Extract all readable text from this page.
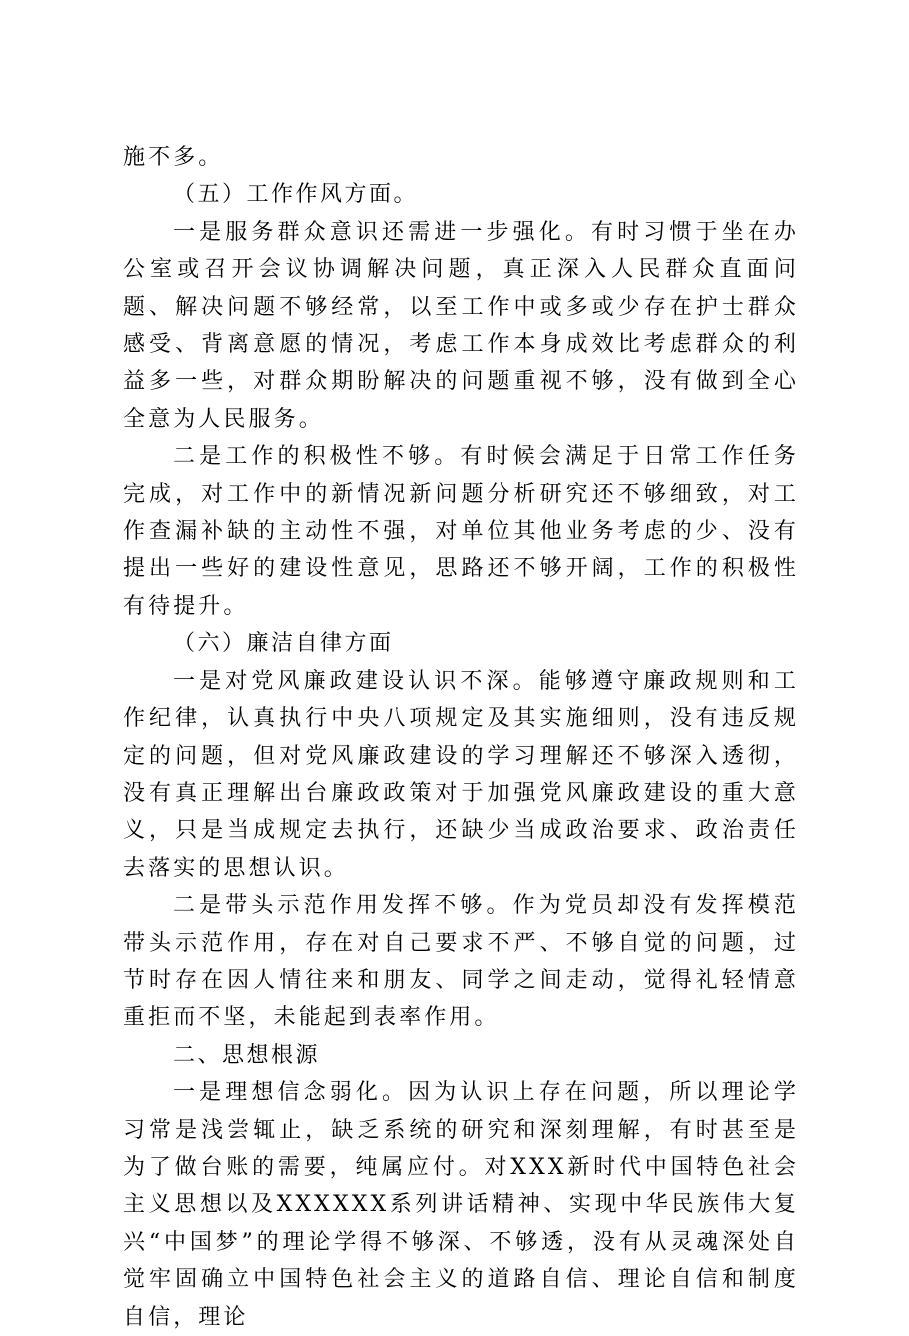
施不多。

（五）工作作风方面。

一是服务群众意识还需进一步强化。有时习惯于坐在办公室或召开会议协调解决问题，真正深入人民群众直面问题、解决问题不够经常，以至工作中或多或少存在护士群众感受、背离意愿的情况，考虑工作本身成效比考虑群众的利益多一些，对群众期盼解决的问题重视不够，没有做到全心全意为人民服务。

二是工作的积极性不够。有时候会满足于日常工作任务完成，对工作中的新情况新问题分析研究还不够细致，对工作查漏补缺的主动性不强，对单位其他业务考虑的少、没有提出一些好的建设性意见，思路还不够开阔，工作的积极性有待提升。

（六）廉洁自律方面

一是对党风廉政建设认识不深。能够遵守廉政规则和工作纪律，认真执行中央八项规定及其实施细则，没有违反规定的问题，但对党风廉政建设的学习理解还不够深入透彻，没有真正理解出台廉政政策对于加强党风廉政建设的重大意义，只是当成规定去执行，还缺少当成政治要求、政治责任去落实的思想认识。

二是带头示范作用发挥不够。作为党员却没有发挥模范带头示范作用，存在对自己要求不严、不够自觉的问题，过节时存在因人情往来和朋友、同学之间走动，觉得礼轻情意重拒而不坚，未能起到表率作用。

二、思想根源

一是理想信念弱化。因为认识上存在问题，所以理论学习常是浅尝辄止，缺乏系统的研究和深刻理解，有时甚至是为了做台账的需要，纯属应付。对XXX新时代中国特色社会主义思想以及XXXXXX系列讲话精神、实现中华民族伟大复兴“中国梦”的理论学得不够深、不够透，没有从灵魂深处自觉牢固确立中国特色社会主义的道路自信、理论自信和制度自信，理论
